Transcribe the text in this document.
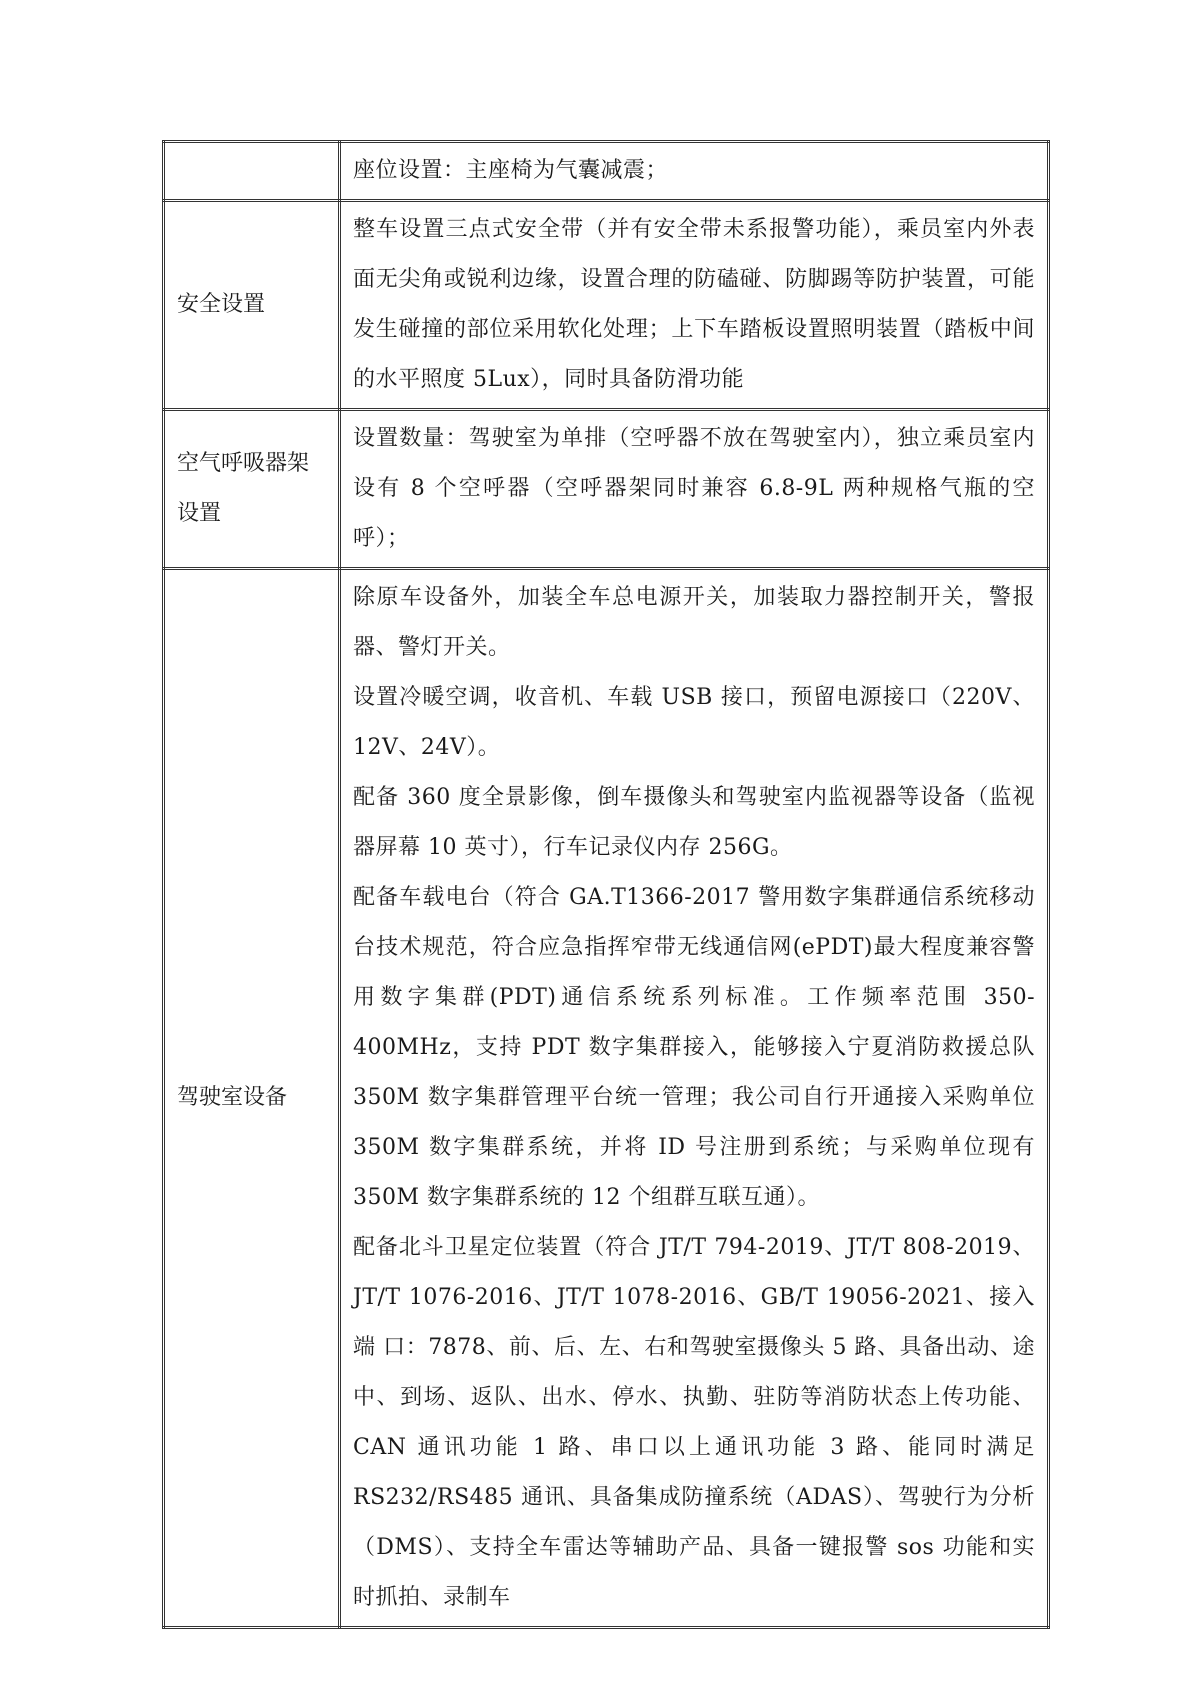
	座位设置：主座椅为气囊减震；

安全设置	整车设置三点式安全带（并有安全带未系报警功能），乘员室内外表面无尖角或锐利边缘，设置合理的防磕碰、防脚踢等防护装置，可能发生碰撞的部位采用软化处理；上下车踏板设置照明装置（踏板中间的水平照度 5Lux），同时具备防滑功能

空气呼吸器架设置	设置数量：驾驶室为单排（空呼器不放在驾驶室内），独立乘员室内设有 8 个空呼器（空呼器架同时兼容 6.8-9L 两种规格气瓶的空呼）；

驾驶室设备	除原车设备外，加装全车总电源开关，加装取力器控制开关，警报器、警灯开关。

设置冷暖空调，收音机、车载 USB 接口，预留电源接口（220V、12V、24V）。

配备 360 度全景影像，倒车摄像头和驾驶室内监视器等设备（监视器屏幕 10 英寸），行车记录仪内存 256G。

配备车载电台（符合 GA.T1366-2017 警用数字集群通信系统移动台技术规范，符合应急指挥窄带无线通信网(ePDT)最大程度兼容警用数字集群(PDT)通信系统系列标准。工作频率范围 350-400MHz，支持 PDT 数字集群接入，能够接入宁夏消防救援总队 350M 数字集群管理平台统一管理；我公司自行开通接入采购单位 350M 数字集群系统，并将 ID 号注册到系统；与采购单位现有 350M 数字集群系统的 12 个组群互联互通）。

配备北斗卫星定位装置（符合 JT/T 794-2019、JT/T 808-2019、JT/T 1076-2016、JT/T 1078-2016、GB/T 19056-2021、接入端 口：7878、前、后、左、右和驾驶室摄像头 5 路、具备出动、途中、到场、返队、出水、停水、执勤、驻防等消防状态上传功能、CAN 通讯功能 1 路、串口以上通讯功能 3 路、能同时满足 RS232/RS485 通讯、具备集成防撞系统（ADAS）、驾驶行为分析（DMS）、支持全车雷达等辅助产品、具备一键报警 sos 功能和实时抓拍、录制车
